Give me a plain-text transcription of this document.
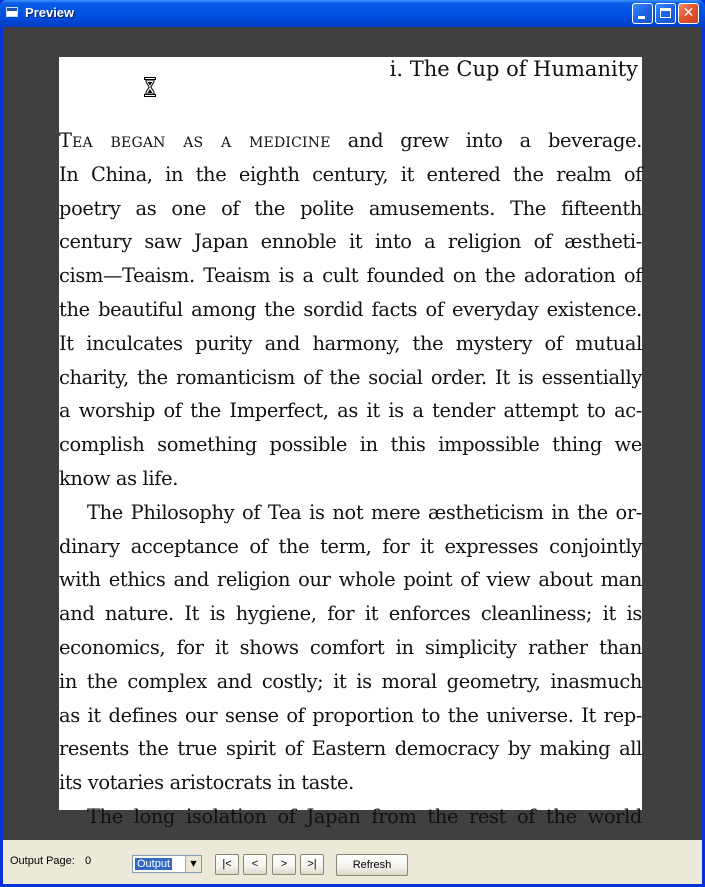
Preview	✕
i. The Cup of Humanity
Tea began as a medicine and grew into a beverage.
In China, in the eighth century, it entered the realm of
poetry as one of the polite amusements. The fifteenth
century saw Japan ennoble it into a religion of æstheti-
cism—Teaism. Teaism is a cult founded on the adoration of
the beautiful among the sordid facts of everyday existence.
It inculcates purity and harmony, the mystery of mutual
charity, the romanticism of the social order. It is essentially
a worship of the Imperfect, as it is a tender attempt to ac-
complish something possible in this impossible thing we
know as life.
The Philosophy of Tea is not mere æstheticism in the or-
dinary acceptance of the term, for it expresses conjointly
with ethics and religion our whole point of view about man
and nature. It is hygiene, for it enforces cleanliness; it is
economics, for it shows comfort in simplicity rather than
in the complex and costly; it is moral geometry, inasmuch
as it defines our sense of proportion to the universe. It rep-
resents the true spirit of Eastern democracy by making all
its votaries aristocrats in taste.
The long isolation of Japan from the rest of the world
Output Page: 0	Output	▼	|<	<	>	>|	Refresh
